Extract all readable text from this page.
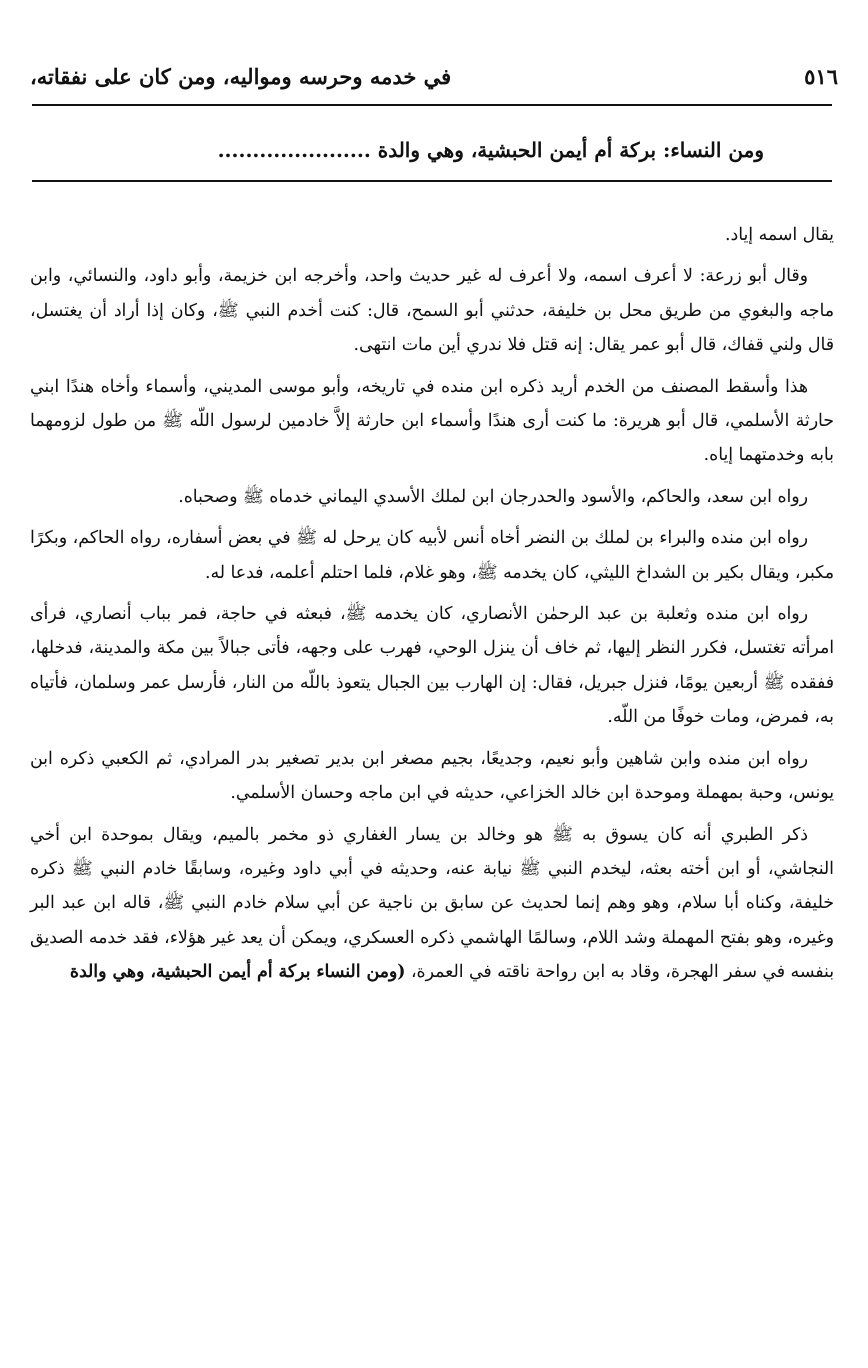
٥١٦
في خدمه وحرسه ومواليه، ومن كان على نفقاته،
ومن النساء: بركة أم أيمن الحبشية، وهي والدة ......................

يقال اسمه إياد.

وقال أبو زرعة: لا أعرف اسمه، ولا أعرف له غير حديث واحد، وأخرجه ابن خزيمة، وأبو داود، والنسائي، وابن ماجه والبغوي من طريق محل بن خليفة، حدثني أبو السمح، قال: كنت أخدم النبي ﷺ، وكان إذا أراد أن يغتسل، قال ولني قفاك، قال أبو عمر يقال: إنه قتل فلا ندري أين مات انتهى.

هذا وأسقط المصنف من الخدم أريد ذكره ابن منده في تاريخه، وأبو موسى المديني، وأسماء وأخاه هندًا ابني حارثة الأسلمي، قال أبو هريرة: ما كنت أرى هندًا وأسماء ابن حارثة إلاَّ خادمين لرسول اللّه ﷺ من طول لزومهما بابه وخدمتهما إياه.

رواه ابن سعد، والحاكم، والأسود والحدرجان ابن لملك الأسدي اليماني خدماه ﷺ وصحباه.

رواه ابن منده والبراء بن لملك بن النضر أخاه أنس لأبيه كان يرحل له ﷺ في بعض أسفاره، رواه الحاكم، وبكرًا مكبر، ويقال بكير بن الشداخ الليثي، كان يخدمه ﷺ، وهو غلام، فلما احتلم أعلمه، فدعا له.

رواه ابن منده وثعلبة بن عبد الرحمٰن الأنصاري، كان يخدمه ﷺ، فبعثه في حاجة، فمر بباب أنصاري، فرأى امرأته تغتسل، فكرر النظر إليها، ثم خاف أن ينزل الوحي، فهرب على وجهه، فأتى جبالاً بين مكة والمدينة، فدخلها، ففقده ﷺ أربعين يومًا، فنزل جبريل، فقال: إن الهارب بين الجبال يتعوذ باللّه من النار، فأرسل عمر وسلمان، فأتياه به، فمرض، ومات خوفًا من اللّه.

رواه ابن منده وابن شاهين وأبو نعيم، وجديعًا، بجيم مصغر ابن بدير تصغير بدر المرادي، ثم الكعبي ذكره ابن يونس، وحبة بمهملة وموحدة ابن خالد الخزاعي، حديثه في ابن ماجه وحسان الأسلمي.

ذكر الطبري أنه كان يسوق به ﷺ هو وخالد بن يسار الغفاري ذو مخمر بالميم، ويقال بموحدة ابن أخي النجاشي، أو ابن أخته بعثه، ليخدم النبي ﷺ نيابة عنه، وحديثه في أبي داود وغيره، وسابقًا خادم النبي ﷺ ذكره خليفة، وكناه أبا سلام، وهو وهم إنما لحديث عن سابق بن ناجية عن أبي سلام خادم النبي ﷺ، قاله ابن عبد البر وغيره، وهو بفتح المهملة وشد اللام، وسالمًا الهاشمي ذكره العسكري، ويمكن أن يعد غير هؤلاء، فقد خدمه الصديق بنفسه في سفر الهجرة، وقاد به ابن رواحة ناقته في العمرة، (ومن النساء بركة أم أيمن الحبشية، وهي والدة
